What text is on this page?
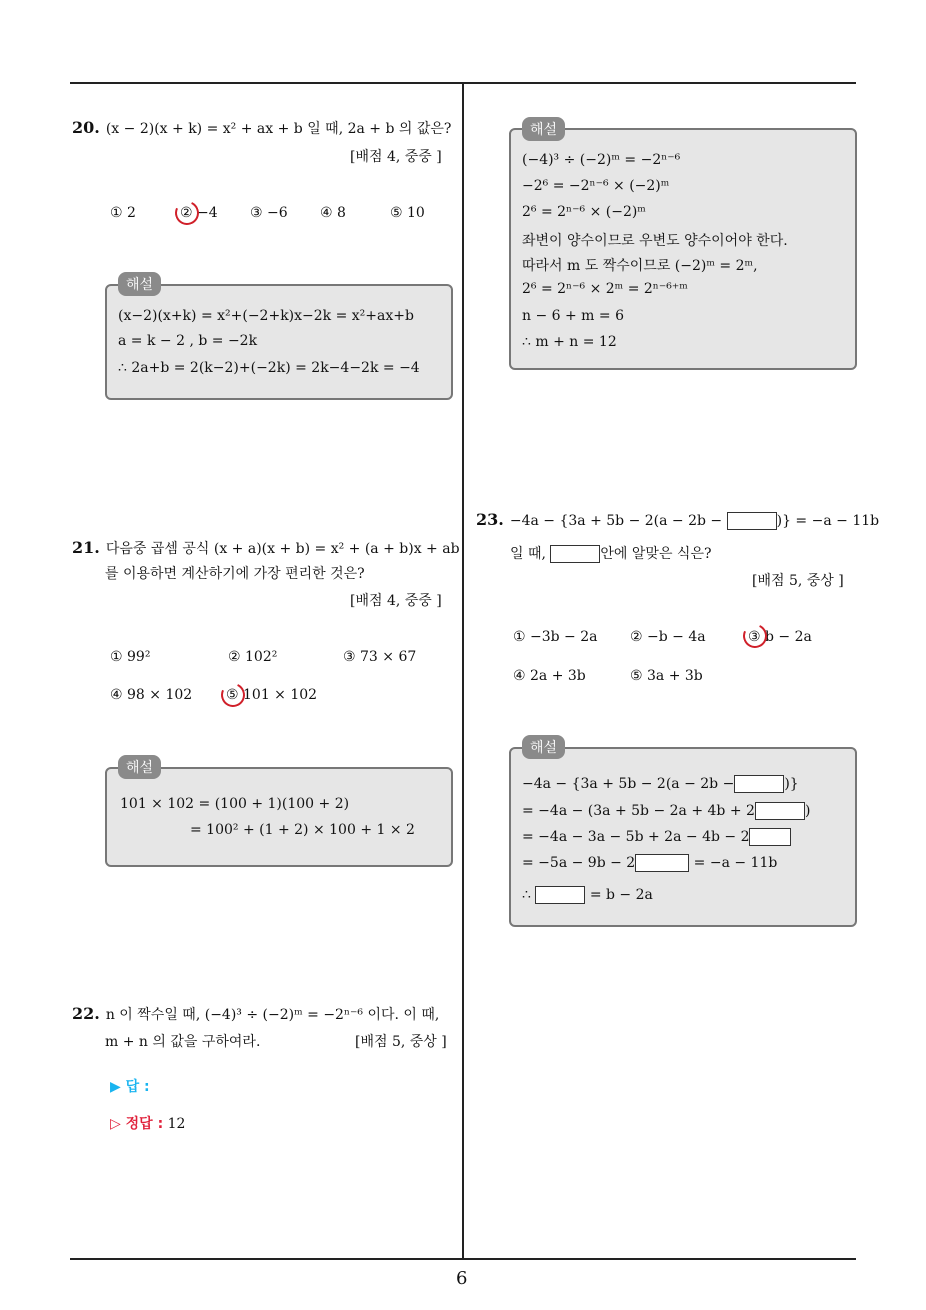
6
20. (x − 2)(x + k) = x² + ax + b 일 때, 2a + b 의 값은?
[배점 4, 중중 ]
① 2	② −4 ③ −6 ④ 8	⑤ 10
해설
(x−2)(x+k) = x²+(−2+k)x−2k = x²+ax+b
a = k − 2 , b = −2k
∴ 2a+b = 2(k−2)+(−2k) = 2k−4−2k = −4
21. 다음중 곱셈 공식 (x + a)(x + b) = x² + (a + b)x + ab
를 이용하면 계산하기에 가장 편리한 것은?
[배점 4, 중중 ]
① 99²	② 102²	③ 73 × 67
④ 98 × 102 ⑤ 101 × 102
해설
101 × 102 = (100 + 1)(100 + 2)
= 100² + (1 + 2) × 100 + 1 × 2
22. n 이 짝수일 때, (−4)³ ÷ (−2)ᵐ = −2ⁿ⁻⁶ 이다. 이 때,
m + n 의 값을 구하여라.	[배점 5, 중상 ]
▶ 답 :
▷ 정답 : 12
해설
(−4)³ ÷ (−2)ᵐ = −2ⁿ⁻⁶
−2⁶ = −2ⁿ⁻⁶ × (−2)ᵐ
2⁶ = 2ⁿ⁻⁶ × (−2)ᵐ
좌변이 양수이므로 우변도 양수이어야 한다.
따라서 m 도 짝수이므로 (−2)ᵐ = 2ᵐ,
2⁶ = 2ⁿ⁻⁶ × 2ᵐ = 2ⁿ⁻⁶⁺ᵐ
n − 6 + m = 6
∴ m + n = 12
23. −4a − {3a + 5b − 2(a − 2b −	)} = −a − 11b
일 때,	안에 알맞은 식은?
[배점 5, 중상 ]
① −3b − 2a ② −b − 4a	③ b − 2a
④ 2a + 3b	⑤ 3a + 3b
해설
−4a − {3a + 5b − 2(a − 2b −	)}
= −4a − (3a + 5b − 2a + 4b + 2	)
= −4a − 3a − 5b + 2a − 4b − 2
= −5a − 9b − 2	= −a − 11b
∴	= b − 2a
